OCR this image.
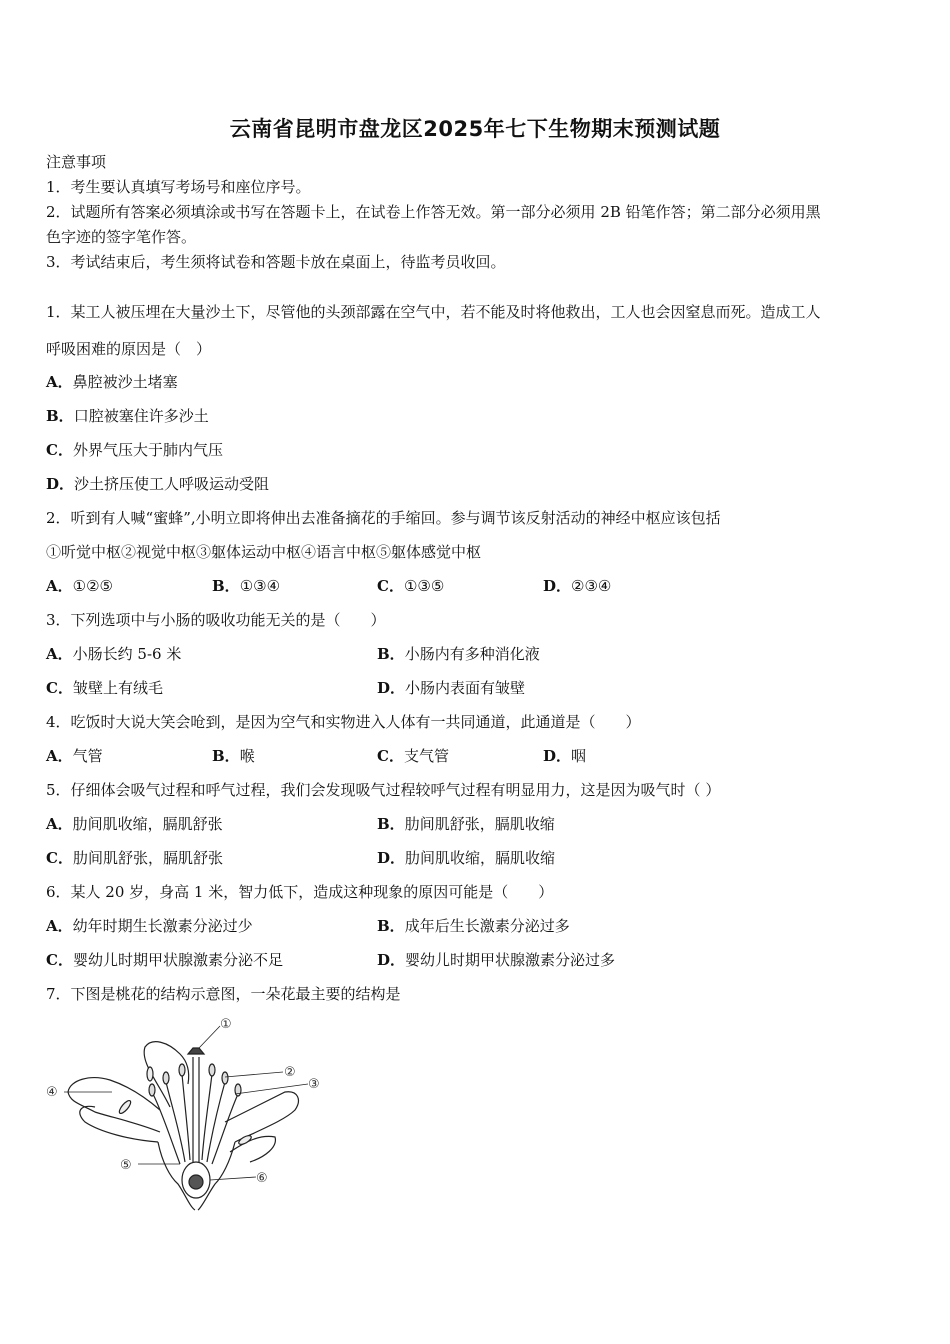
云南省昆明市盘龙区2025年七下生物期末预测试题
注意事项
1．考生要认真填写考场号和座位序号。
2．试题所有答案必须填涂或书写在答题卡上，在试卷上作答无效。第一部分必须用 2B 铅笔作答；第二部分必须用黑
色字迹的签字笔作答。
3．考试结束后，考生须将试卷和答题卡放在桌面上，待监考员收回。
1．某工人被压埋在大量沙土下，尽管他的头颈部露在空气中，若不能及时将他救出，工人也会因窒息而死。造成工人
呼吸困难的原因是（　）
A．鼻腔被沙土堵塞
B．口腔被塞住许多沙土
C．外界气压大于肺内气压
D．沙土挤压使工人呼吸运动受阻
2．听到有人喊“蜜蜂”,小明立即将伸出去准备摘花的手缩回。参与调节该反射活动的神经中枢应该包括
①听觉中枢②视觉中枢③躯体运动中枢④语言中枢⑤躯体感觉中枢
A．①②⑤	B．①③④	C．①③⑤	D．②③④
3．下列选项中与小肠的吸收功能无关的是（　　）
A．小肠长约 5-6 米	B．小肠内有多种消化液
C．皱壁上有绒毛	D．小肠内表面有皱壁
4．吃饭时大说大笑会呛到，是因为空气和实物进入人体有一共同通道，此通道是（　　）
A．气管	B．喉	C．支气管	D．咽
5．仔细体会吸气过程和呼气过程，我们会发现吸气过程较呼气过程有明显用力，这是因为吸气时（ ）
A．肋间肌收缩，膈肌舒张	B．肋间肌舒张，膈肌收缩
C．肋间肌舒张，膈肌舒张	D．肋间肌收缩，膈肌收缩
6．某人 20 岁，身高 1 米，智力低下，造成这种现象的原因可能是（　　）
A．幼年时期生长激素分泌过少	B．成年后生长激素分泌过多
C．婴幼儿时期甲状腺激素分泌不足	D．婴幼儿时期甲状腺激素分泌过多
7．下图是桃花的结构示意图，一朵花最主要的结构是
①
②
③
④
⑤
⑥
